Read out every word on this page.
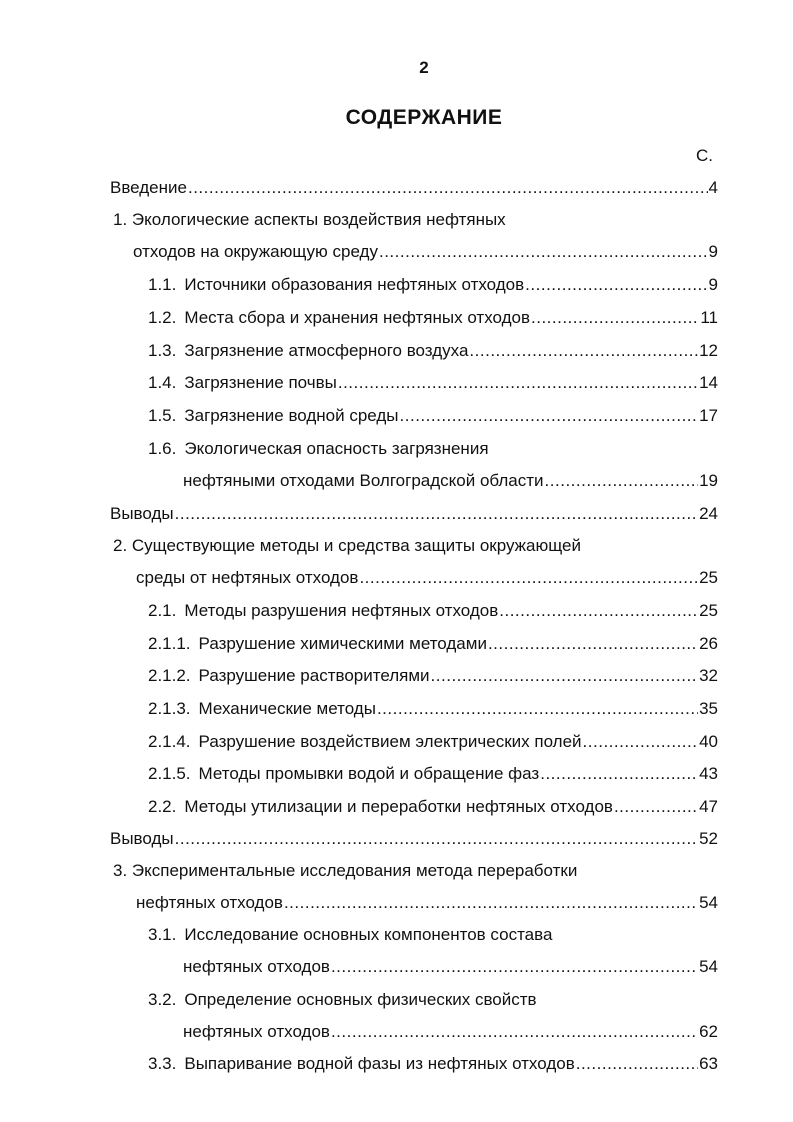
2
СОДЕРЖАНИЕ
С.
Введение .....	4
1. Экологические аспекты воздействия нефтяных
отходов на окружающую среду .....	9
1.1. Источники образования нефтяных отходов .....	9
1.2. Места сбора и хранения нефтяных отходов .....	11
1.3. Загрязнение атмосферного воздуха .....	12
1.4. Загрязнение почвы .....	14
1.5. Загрязнение водной среды .....	17
1.6. Экологическая опасность загрязнения
нефтяными отходами Волгоградской области .....	19
Выводы .....	24
2. Существующие методы и средства защиты окружающей
среды от нефтяных отходов .....	25
2.1. Методы разрушения нефтяных отходов .....	25
2.1.1. Разрушение химическими методами .....	26
2.1.2. Разрушение растворителями .....	32
2.1.3. Механические методы .....	35
2.1.4. Разрушение воздействием электрических полей .....	40
2.1.5. Методы промывки водой и обращение фаз .....	43
2.2. Методы утилизации и переработки нефтяных отходов .....	47
Выводы .....	52
3. Экспериментальные исследования метода переработки
нефтяных отходов .....	54
3.1. Исследование основных компонентов состава
нефтяных отходов .....	54
3.2. Определение основных физических свойств
нефтяных отходов .....	62
3.3. Выпаривание водной фазы из нефтяных отходов .....	63
